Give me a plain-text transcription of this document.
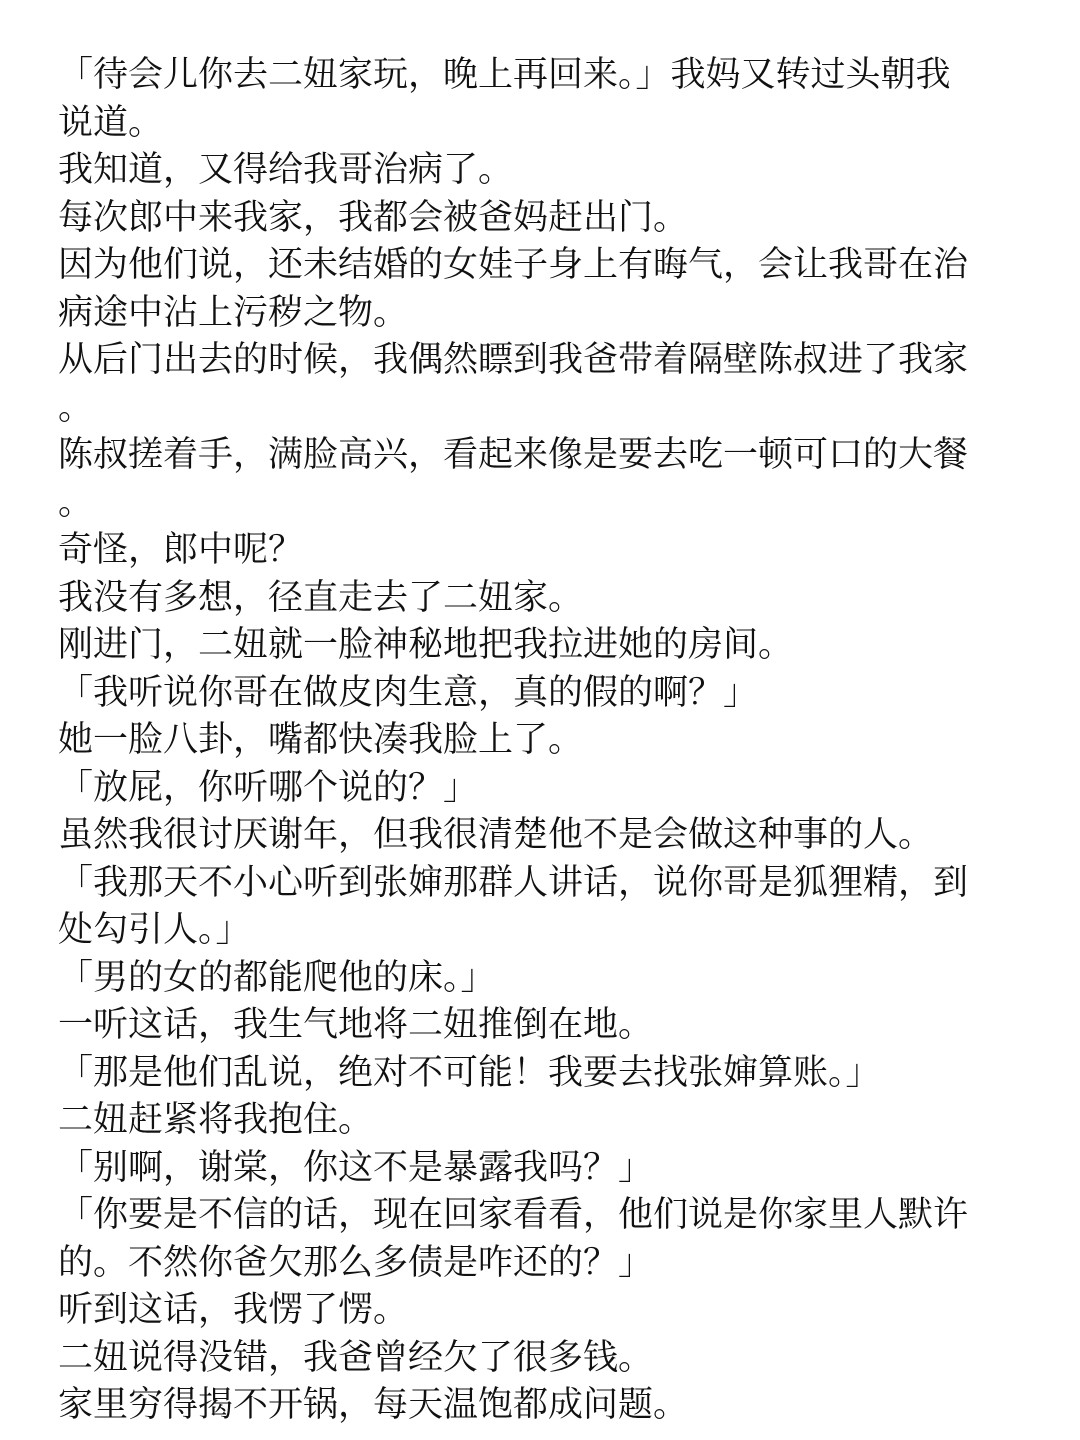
「待会儿你去二妞家玩，晚上再回来。」我妈又转过头朝我
说道。

我知道，又得给我哥治病了。

每次郎中来我家，我都会被爸妈赶出门。

因为他们说，还未结婚的女娃子身上有晦气，会让我哥在治
病途中沾上污秽之物。

从后门出去的时候，我偶然瞟到我爸带着隔壁陈叔进了我家
。

陈叔搓着手，满脸高兴，看起来像是要去吃一顿可口的大餐
。

奇怪，郎中呢？

我没有多想，径直走去了二妞家。

刚进门，二妞就一脸神秘地把我拉进她的房间。

「我听说你哥在做皮肉生意，真的假的啊？」

她一脸八卦，嘴都快凑我脸上了。

「放屁，你听哪个说的？」

虽然我很讨厌谢年，但我很清楚他不是会做这种事的人。

「我那天不小心听到张婶那群人讲话，说你哥是狐狸精，到
处勾引人。」

「男的女的都能爬他的床。」

一听这话，我生气地将二妞推倒在地。

「那是他们乱说，绝对不可能！我要去找张婶算账。」

二妞赶紧将我抱住。

「别啊，谢棠，你这不是暴露我吗？」

「你要是不信的话，现在回家看看，他们说是你家里人默许
的。不然你爸欠那么多债是咋还的？」

听到这话，我愣了愣。

二妞说得没错，我爸曾经欠了很多钱。

家里穷得揭不开锅，每天温饱都成问题。
